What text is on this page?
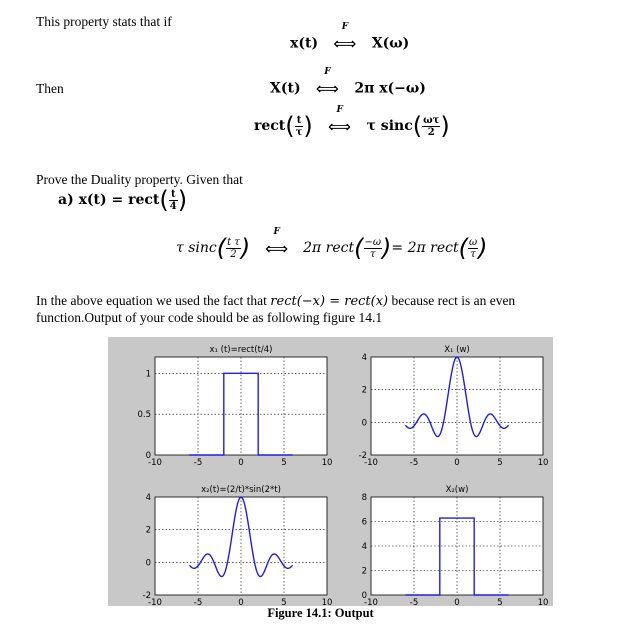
This property stats that if
x(t)
F
⟺ X(ω)
Then	X(t)
F
⟺ 2π x(−ω)
rect( $\frac{t}{\tau}$ )
F
⟺ τ $\sin c( \frac{\omega\tau}{2}$ )
Prove the Duality property. Given that
a) x(t) = rect( $\frac{t}{4}$ )
τ $\sin c( \frac{\text{t τ}}{2}$ )
F
⟺ 2π rect( $\frac{-\omega}{\tau}$ )= 2π rect( $\frac{\omega}{\tau}$ )
In the above equation we used the fact that rect(−x) = rect(x) because rect is an even
function.Output of your code should be as following figure 14.1
-10	-5	0	5	10
0
0.5
1
x₁ (t)=rect(t/4)
-10	-5	0	5	10
-2
0
2
4
X₁ (w)
-10	-5	0	5	10
-2
0
2
4
x₂(t)=(2/t)*sin(2*t)
-10	-5	0	5	10
0
2
4
6
8
X₂(w)
Figure 14.1: Output
